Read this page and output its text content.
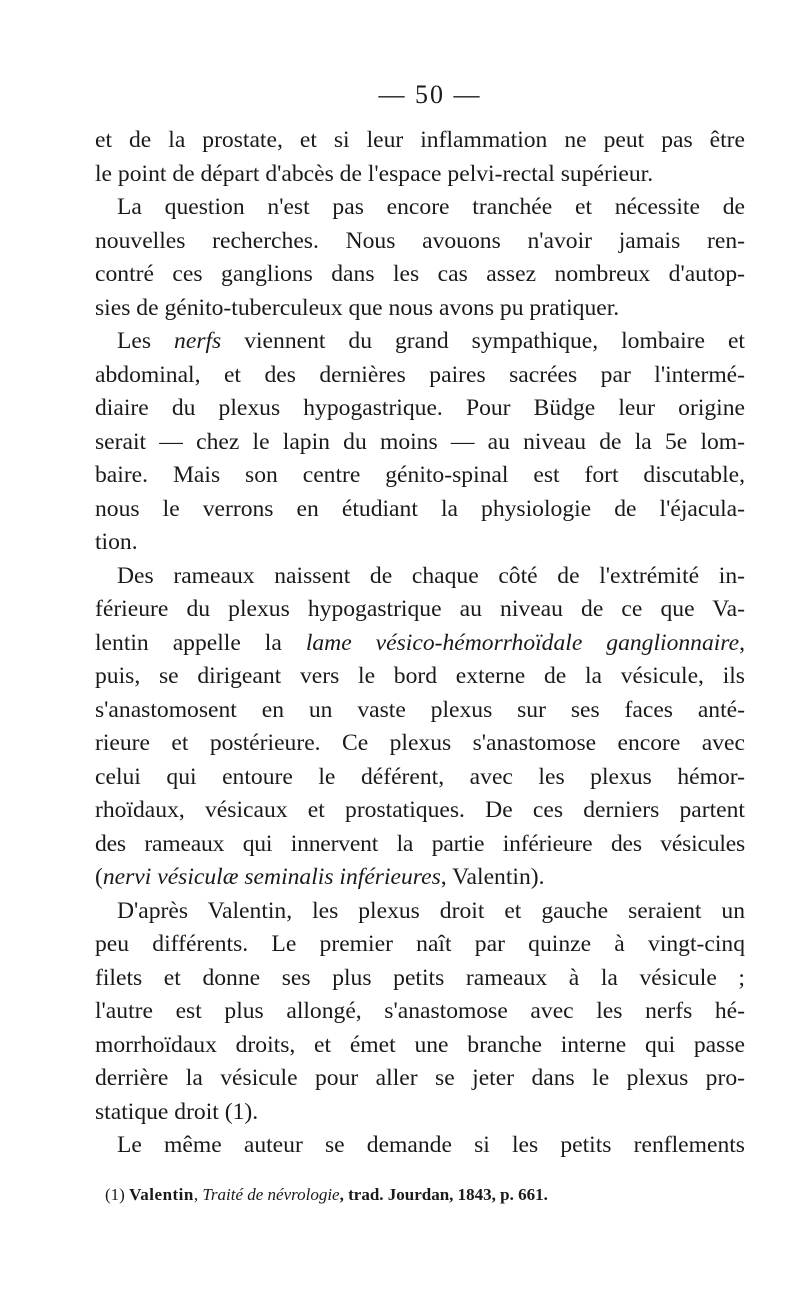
— 50 —
et de la prostate, et si leur inflammation ne peut pas être
le point de départ d'abcès de l'espace pelvi-rectal supérieur.
La question n'est pas encore tranchée et nécessite de
nouvelles recherches. Nous avouons n'avoir jamais ren-
contré ces ganglions dans les cas assez nombreux d'autop-
sies de génito-tuberculeux que nous avons pu pratiquer.
Les nerfs viennent du grand sympathique, lombaire et
abdominal, et des dernières paires sacrées par l'intermé-
diaire du plexus hypogastrique. Pour Büdge leur origine
serait — chez le lapin du moins — au niveau de la 5e lom-
baire. Mais son centre génito-spinal est fort discutable,
nous le verrons en étudiant la physiologie de l'éjacula-
tion.
Des rameaux naissent de chaque côté de l'extrémité in-
férieure du plexus hypogastrique au niveau de ce que Va-
lentin appelle la lame vésico-hémorrhoïdale ganglionnaire,
puis, se dirigeant vers le bord externe de la vésicule, ils
s'anastomosent en un vaste plexus sur ses faces anté-
rieure et postérieure. Ce plexus s'anastomose encore avec
celui qui entoure le déférent, avec les plexus hémor-
rhoïdaux, vésicaux et prostatiques. De ces derniers partent
des rameaux qui innervent la partie inférieure des vésicules
(nervi vésiculæ seminalis inférieures, Valentin).
D'après Valentin, les plexus droit et gauche seraient un
peu différents. Le premier naît par quinze à vingt-cinq
filets et donne ses plus petits rameaux à la vésicule ;
l'autre est plus allongé, s'anastomose avec les nerfs hé-
morrhoïdaux droits, et émet une branche interne qui passe
derrière la vésicule pour aller se jeter dans le plexus pro-
statique droit (1).
Le même auteur se demande si les petits renflements
(1) Valentin, Traité de névrologie, trad. Jourdan, 1843, p. 661.
